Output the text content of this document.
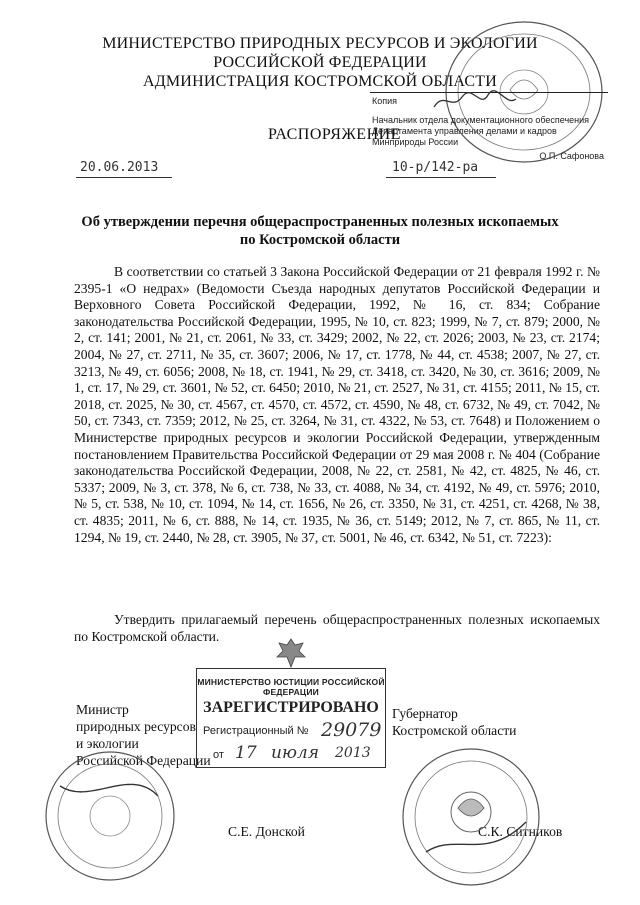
МИНИСТЕРСТВО ПРИРОДНЫХ РЕСУРСОВ И ЭКОЛОГИИ
РОССИЙСКОЙ ФЕДЕРАЦИИ
АДМИНИСТРАЦИЯ КОСТРОМСКОЙ ОБЛАСТИ
Копия
Начальник отдела документационного обеспечения
Департамента управления делами и кадров
Минприроды России
О.П. Сафонова
РАСПОРЯЖЕНИЕ
20.06.2013	10-р/142-ра
Об утверждении перечня общераспространенных полезных ископаемых
по Костромской области
В соответствии со статьей 3 Закона Российской Федерации от 21 февраля 1992 г. № 2395-1 «О недрах» (Ведомости Съезда народных депутатов Российской Федерации и Верховного Совета Российской Федерации, 1992, № 16, ст. 834; Собрание законодательства Российской Федерации, 1995, № 10, ст. 823; 1999, № 7, ст. 879; 2000, № 2, ст. 141; 2001, № 21, ст. 2061, № 33, ст. 3429; 2002, № 22, ст. 2026; 2003, № 23, ст. 2174; 2004, № 27, ст. 2711, № 35, ст. 3607; 2006, № 17, ст. 1778, № 44, ст. 4538; 2007, № 27, ст. 3213, № 49, ст. 6056; 2008, № 18, ст. 1941, № 29, ст. 3418, ст. 3420, № 30, ст. 3616; 2009, № 1, ст. 17, № 29, ст. 3601, № 52, ст. 6450; 2010, № 21, ст. 2527, № 31, ст. 4155; 2011, № 15, ст. 2018, ст. 2025, № 30, ст. 4567, ст. 4570, ст. 4572, ст. 4590, № 48, ст. 6732, № 49, ст. 7042, № 50, ст. 7343, ст. 7359; 2012, № 25, ст. 3264, № 31, ст. 4322, № 53, ст. 7648) и Положением о Министерстве природных ресурсов и экологии Российской Федерации, утвержденным постановлением Правительства Российской Федерации от 29 мая 2008 г. № 404 (Собрание законодательства Российской Федерации, 2008, № 22, ст. 2581, № 42, ст. 4825, № 46, ст. 5337; 2009, № 3, ст. 378, № 6, ст. 738, № 33, ст. 4088, № 34, ст. 4192, № 49, ст. 5976; 2010, № 5, ст. 538, № 10, ст. 1094, № 14, ст. 1656, № 26, ст. 3350, № 31, ст. 4251, ст. 4268, № 38, ст. 4835; 2011, № 6, ст. 888, № 14, ст. 1935, № 36, ст. 5149; 2012, № 7, ст. 865, № 11, ст. 1294, № 19, ст. 2440, № 28, ст. 3905, № 37, ст. 5001, № 46, ст. 6342, № 51, ст. 7223):
Утвердить прилагаемый перечень общераспространенных полезных ископаемых по Костромской области.
Министр
природных ресурсов
и экологии
Российской Федерации
С.Е. Донской
Губернатор
Костромской области
С.К. Ситников
МИНИСТЕРСТВО ЮСТИЦИИ РОССИЙСКОЙ ФЕДЕРАЦИИ
ЗАРЕГИСТРИРОВАНО
Регистрационный № 29079
от 17 июля 2013
